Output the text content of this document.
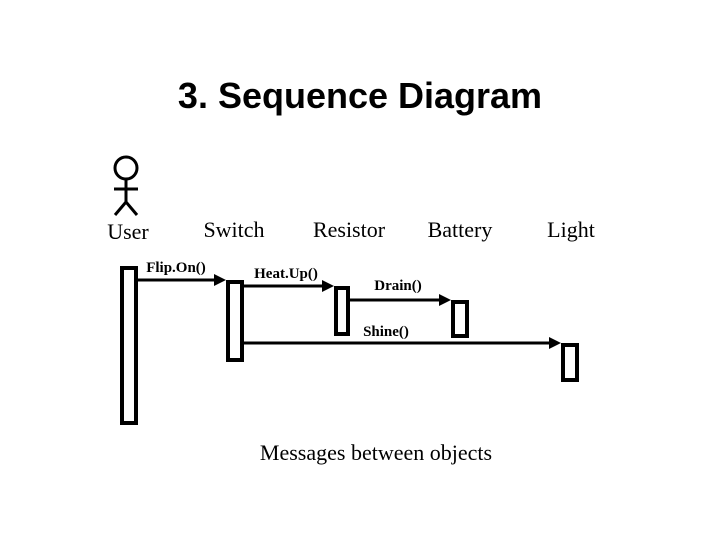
3. Sequence Diagram
User Switch Resistor Battery Light
Flip.On()	Heat.Up()
Drain()
Shine()
Messages between objects
